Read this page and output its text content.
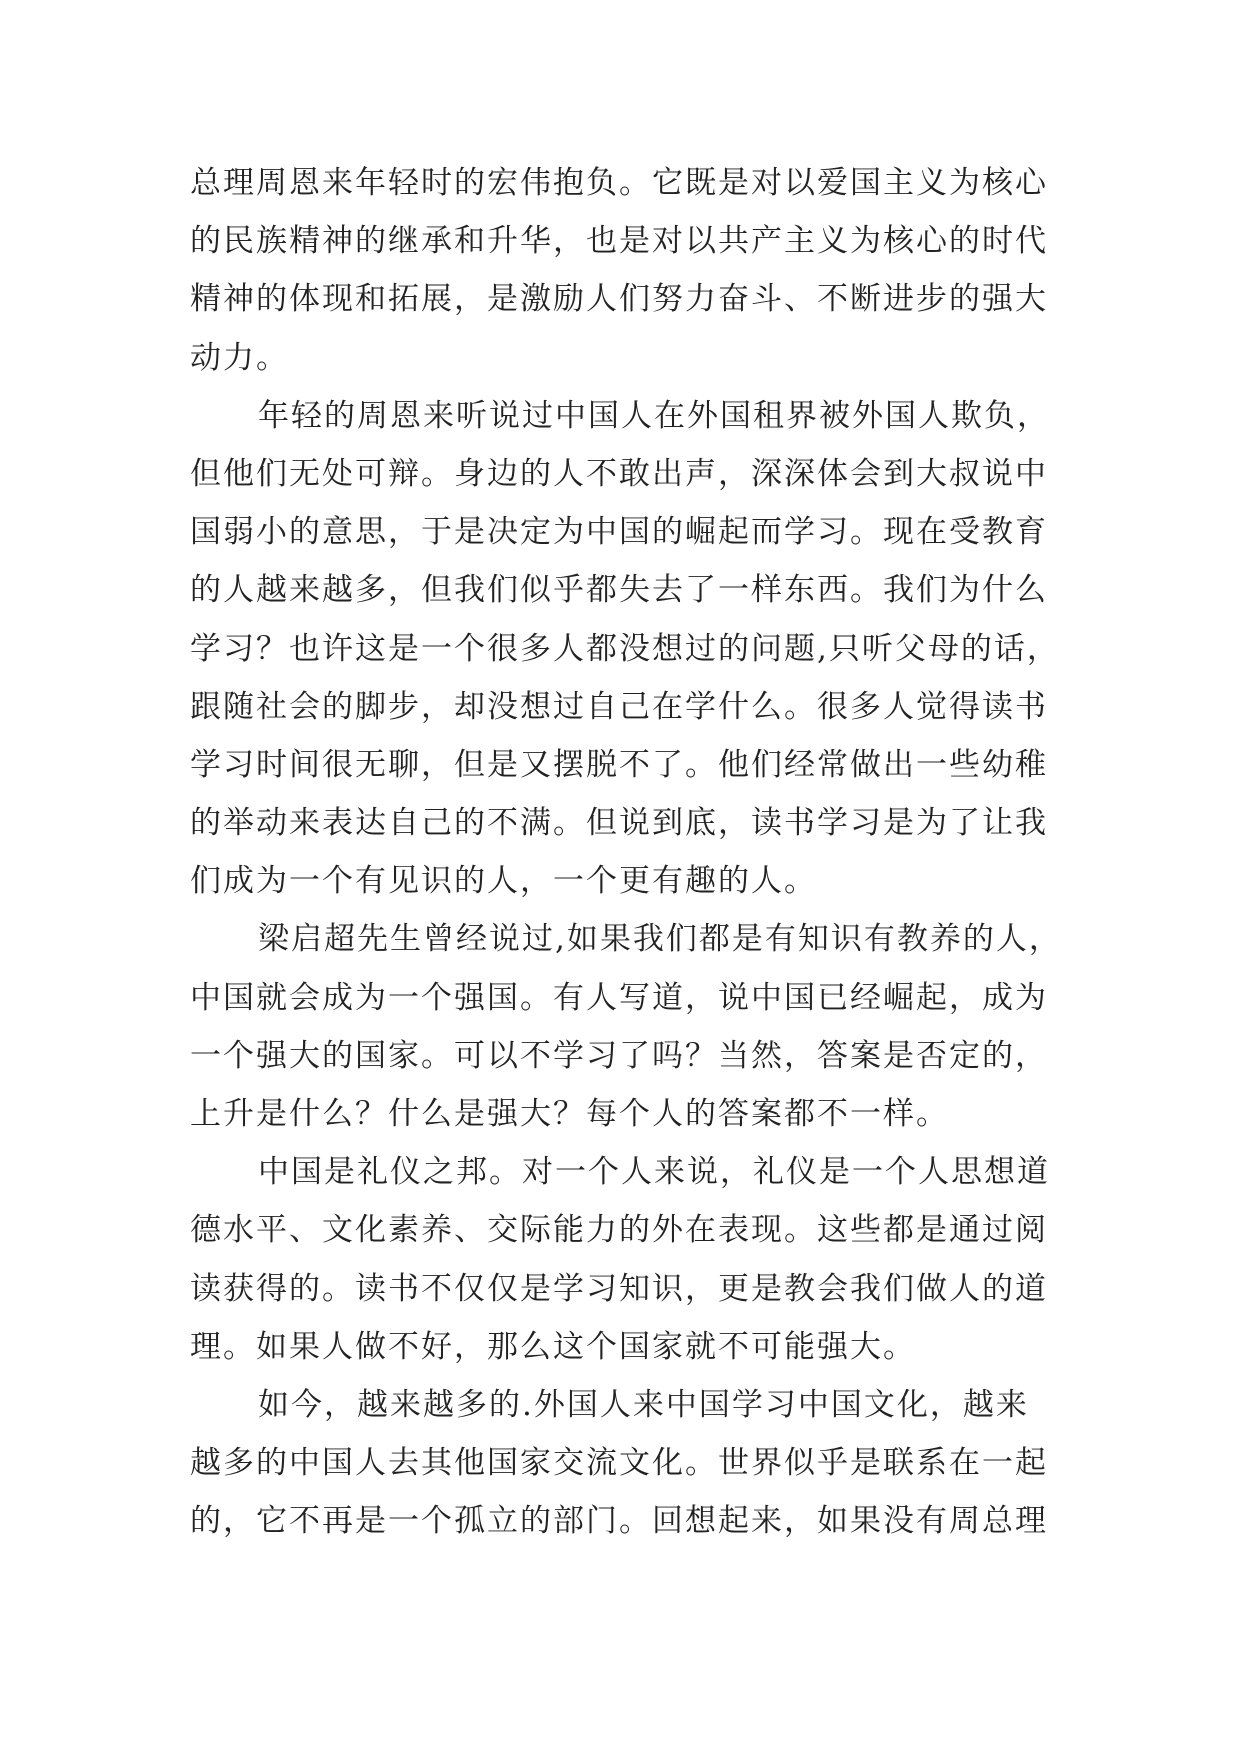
总理周恩来年轻时的宏伟抱负。它既是对以爱国主义为核心
的民族精神的继承和升华，也是对以共产主义为核心的时代
精神的体现和拓展，是激励人们努力奋斗、不断进步的强大
动力。
年轻的周恩来听说过中国人在外国租界被外国人欺负，
但他们无处可辩。身边的人不敢出声，深深体会到大叔说中
国弱小的意思，于是决定为中国的崛起而学习。现在受教育
的人越来越多，但我们似乎都失去了一样东西。我们为什么
学习？也许这是一个很多人都没想过的问题,只听父母的话，
跟随社会的脚步，却没想过自己在学什么。很多人觉得读书
学习时间很无聊，但是又摆脱不了。他们经常做出一些幼稚
的举动来表达自己的不满。但说到底，读书学习是为了让我
们成为一个有见识的人，一个更有趣的人。
梁启超先生曾经说过,如果我们都是有知识有教养的人，
中国就会成为一个强国。有人写道，说中国已经崛起，成为
一个强大的国家。可以不学习了吗？当然，答案是否定的，
上升是什么？什么是强大？每个人的答案都不一样。
中国是礼仪之邦。对一个人来说，礼仪是一个人思想道
德水平、文化素养、交际能力的外在表现。这些都是通过阅
读获得的。读书不仅仅是学习知识，更是教会我们做人的道
理。如果人做不好，那么这个国家就不可能强大。
如今，越来越多的.外国人来中国学习中国文化，越来
越多的中国人去其他国家交流文化。世界似乎是联系在一起
的，它不再是一个孤立的部门。回想起来，如果没有周总理
